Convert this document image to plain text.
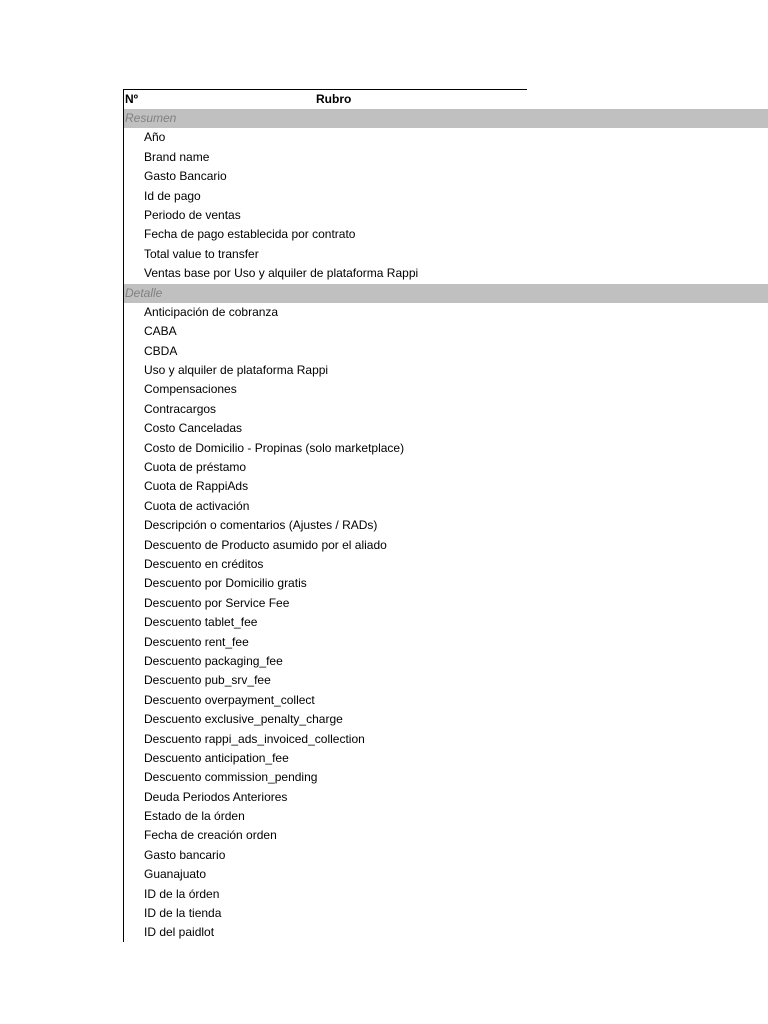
Nº	Rubro
Resumen
Año
Brand name
Gasto Bancario
Id de pago
Periodo de ventas
Fecha de pago establecida por contrato
Total value to transfer
Ventas base por Uso y alquiler de plataforma Rappi
Detalle
Anticipación de cobranza
CABA
CBDA
Uso y alquiler de plataforma Rappi
Compensaciones
Contracargos
Costo Canceladas
Costo de Domicilio - Propinas (solo marketplace)
Cuota de préstamo
Cuota de RappiAds
Cuota de activación
Descripción o comentarios (Ajustes / RADs)
Descuento de Producto asumido por el aliado
Descuento en créditos
Descuento por Domicilio gratis
Descuento por Service Fee
Descuento tablet_fee
Descuento rent_fee
Descuento packaging_fee
Descuento pub_srv_fee
Descuento overpayment_collect
Descuento exclusive_penalty_charge
Descuento rappi_ads_invoiced_collection
Descuento anticipation_fee
Descuento commission_pending
Deuda Periodos Anteriores
Estado de la órden
Fecha de creación orden
Gasto bancario
Guanajuato
ID de la órden
ID de la tienda
ID del paidlot
